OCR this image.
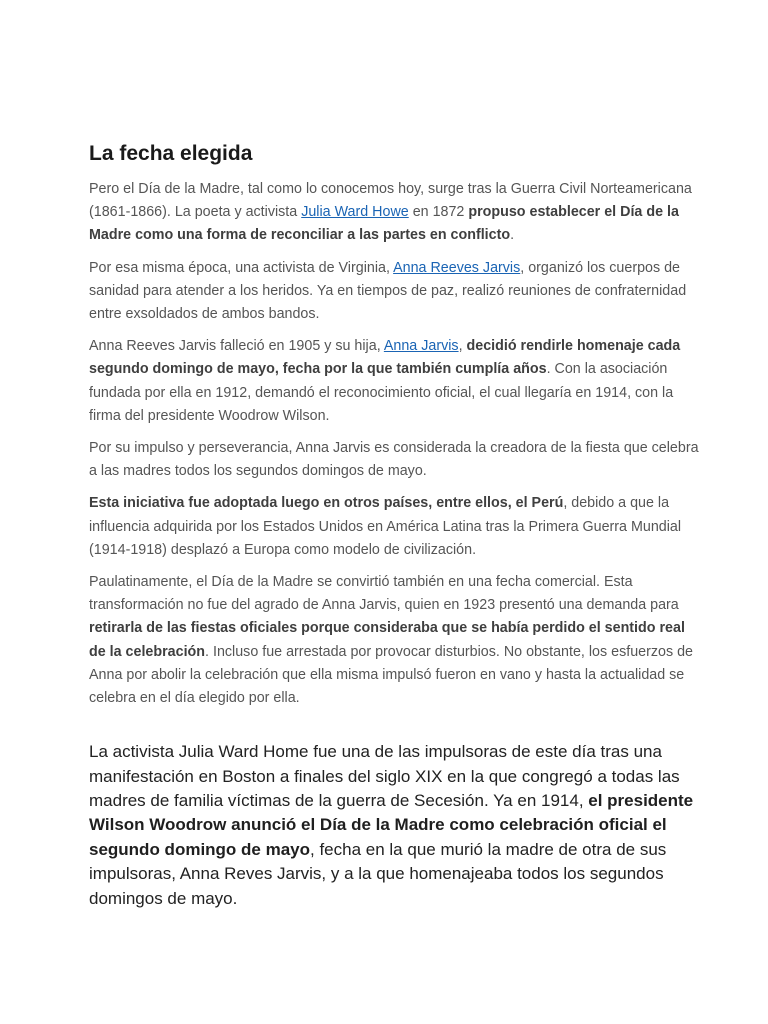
La fecha elegida

Pero el Día de la Madre, tal como lo conocemos hoy, surge tras la Guerra Civil Norteamericana (1861-1866). La poeta y activista Julia Ward Howe en 1872 propuso establecer el Día de la Madre como una forma de reconciliar a las partes en conflicto.

Por esa misma época, una activista de Virginia, Anna Reeves Jarvis, organizó los cuerpos de sanidad para atender a los heridos. Ya en tiempos de paz, realizó reuniones de confraternidad entre exsoldados de ambos bandos.

Anna Reeves Jarvis falleció en 1905 y su hija, Anna Jarvis, decidió rendirle homenaje cada segundo domingo de mayo, fecha por la que también cumplía años. Con la asociación fundada por ella en 1912, demandó el reconocimiento oficial, el cual llegaría en 1914, con la firma del presidente Woodrow Wilson.

Por su impulso y perseverancia, Anna Jarvis es considerada la creadora de la fiesta que celebra a las madres todos los segundos domingos de mayo.

Esta iniciativa fue adoptada luego en otros países, entre ellos, el Perú, debido a que la influencia adquirida por los Estados Unidos en América Latina tras la Primera Guerra Mundial (1914-1918) desplazó a Europa como modelo de civilización.

Paulatinamente, el Día de la Madre se convirtió también en una fecha comercial. Esta transformación no fue del agrado de Anna Jarvis, quien en 1923 presentó una demanda para retirarla de las fiestas oficiales porque consideraba que se había perdido el sentido real de la celebración. Incluso fue arrestada por provocar disturbios. No obstante, los esfuerzos de Anna por abolir la celebración que ella misma impulsó fueron en vano y hasta la actualidad se celebra en el día elegido por ella.

La activista Julia Ward Home fue una de las impulsoras de este día tras una manifestación en Boston a finales del siglo XIX en la que congregó a todas las madres de familia víctimas de la guerra de Secesión. Ya en 1914, el presidente Wilson Woodrow anunció el Día de la Madre como celebración oficial el segundo domingo de mayo, fecha en la que murió la madre de otra de sus impulsoras, Anna Reves Jarvis, y a la que homenajeaba todos los segundos domingos de mayo.
